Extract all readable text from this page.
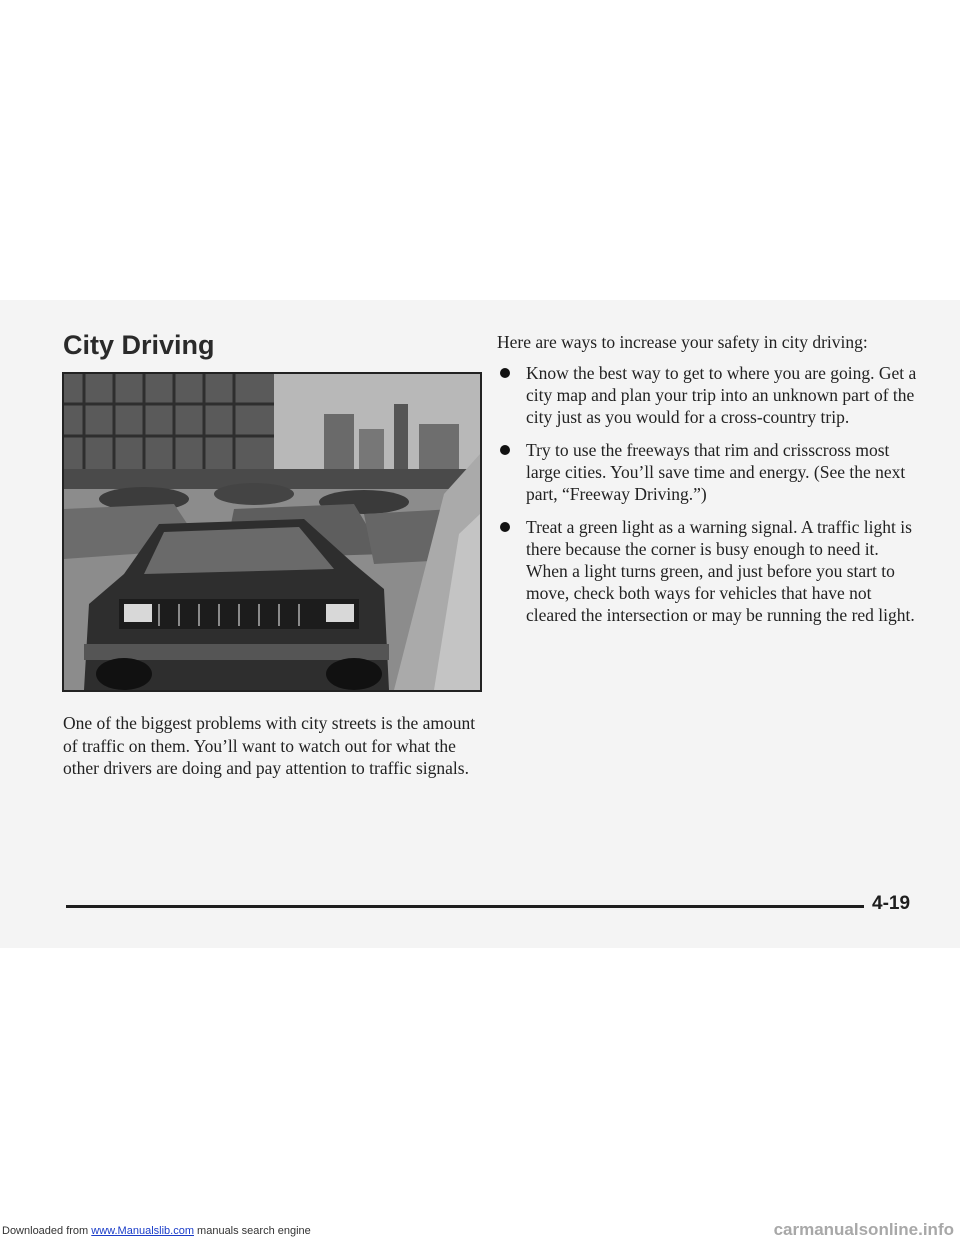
City Driving

One of the biggest problems with city streets is the amount of traffic on them. You’ll want to watch out for what the other drivers are doing and pay attention to traffic signals.

Here are ways to increase your safety in city driving:

Know the best way to get to where you are going. Get a city map and plan your trip into an unknown part of the city just as you would for a cross-country trip.
Try to use the freeways that rim and crisscross most large cities. You’ll save time and energy. (See the next part, “Freeway Driving.”)
Treat a green light as a warning signal. A traffic light is there because the corner is busy enough to need it. When a light turns green, and just before you start to move, check both ways for vehicles that have not cleared the intersection or may be running the red light.
4-19
Downloaded from www.Manualslib.com manuals search engine	carmanualsonline.info
